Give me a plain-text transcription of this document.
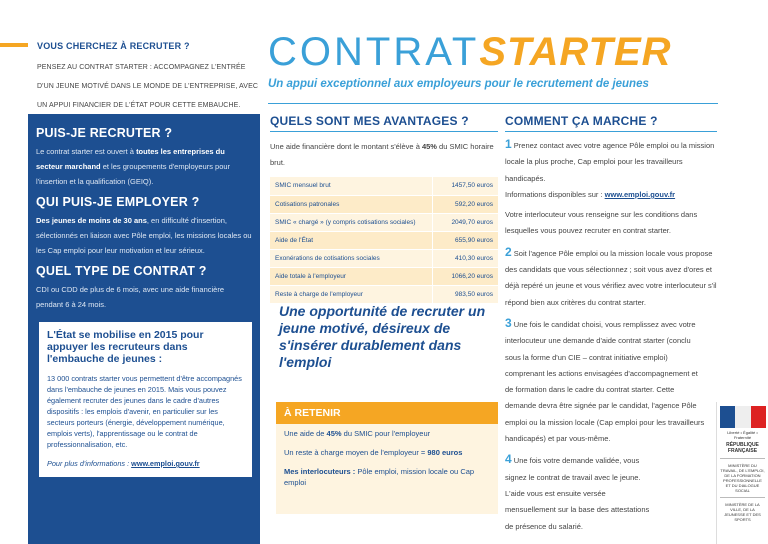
VOUS CHERCHEZ À RECRUTER ?
PENSEZ AU CONTRAT STARTER : ACCOMPAGNEZ L'ENTRÉE D'UN JEUNE MOTIVÉ DANS LE MONDE DE L'ENTREPRISE, AVEC UN APPUI FINANCIER DE L'ÉTAT POUR CETTE EMBAUCHE.
CONTRATSTARTER
Un appui exceptionnel aux employeurs pour le recrutement de jeunes
PUIS-JE RECRUTER ?

Le contrat starter est ouvert à toutes les entreprises du secteur marchand et les groupements d'employeurs pour l'insertion et la qualification (GEIQ).

QUI PUIS-JE EMPLOYER ?

Des jeunes de moins de 30 ans, en difficulté d'insertion, sélectionnés en liaison avec Pôle emploi, les missions locales ou les Cap emploi pour leur motivation et leur sérieux.

QUEL TYPE DE CONTRAT ?

CDI ou CDD de plus de 6 mois, avec une aide financière pendant 6 à 24 mois.

L'État se mobilise en 2015 pour appuyer les recruteurs dans l'embauche de jeunes :

13 000 contrats starter vous permettent d'être accompagnés dans l'embauche de jeunes en 2015. Mais vous pouvez également recruter des jeunes dans le cadre d'autres dispositifs : les emplois d'avenir, en particulier sur les secteurs porteurs (énergie, développement numérique, emplois verts), l'apprentissage ou le contrat de professionnalisation, etc.

Pour plus d'informations : www.emploi.gouv.fr

QUELS SONT MES AVANTAGES ?

Une aide financière dont le montant s'élève à 45% du SMIC horaire brut.

SMIC mensuel brut	1457,50 euros
Cotisations patronales	592,20 euros
SMIC « chargé » (y compris cotisations sociales)	2049,70 euros
Aide de l'État	655,90 euros
Exonérations de cotisations sociales	410,30 euros
Aide totale à l'employeur	1066,20 euros
Reste à charge de l'employeur	983,50 euros
Une opportunité de recruter un jeune motivé, désireux de s'insérer durablement dans l'emploi
À RETENIR

Une aide de 45% du SMIC pour l'employeur

Un reste à charge moyen de l'employeur = 980 euros

Mes interlocuteurs : Pôle emploi, mission locale ou Cap emploi

COMMENT ÇA MARCHE ?

1 Prenez contact avec votre agence Pôle emploi ou la mission locale la plus proche, Cap emploi pour les travailleurs handicapés.
Informations disponibles sur : www.emploi.gouv.fr

Votre interlocuteur vous renseigne sur les conditions dans lesquelles vous pouvez recruter en contrat starter.

2 Soit l'agence Pôle emploi ou la mission locale vous propose des candidats que vous sélectionnez ; soit vous avez d'ores et déjà repéré un jeune et vous vérifiez avec votre interlocuteur s'il répond bien aux critères du contrat starter.

3 Une fois le candidat choisi, vous remplissez avec votre interlocuteur une demande d'aide contrat starter (conclu sous la forme d'un CIE – contrat initiative emploi) comprenant les actions envisagées d'accompagnement et de formation dans le cadre du contrat starter. Cette demande devra être signée par le candidat, l'agence Pôle emploi ou la mission locale (Cap emploi pour les travailleurs handicapés) et par vous-même.

4 Une fois votre demande validée, vous signez le contrat de travail avec le jeune. L'aide vous est ensuite versée mensuellement sur la base des attestations de présence du salarié.

Liberté • Égalité • Fraternité
RÉPUBLIQUE FRANÇAISE
MINISTÈRE DU TRAVAIL, DE L'EMPLOI, DE LA FORMATION PROFESSIONNELLE ET DU DIALOGUE SOCIAL
MINISTÈRE DE LA VILLE, DE LA JEUNESSE ET DES SPORTS
